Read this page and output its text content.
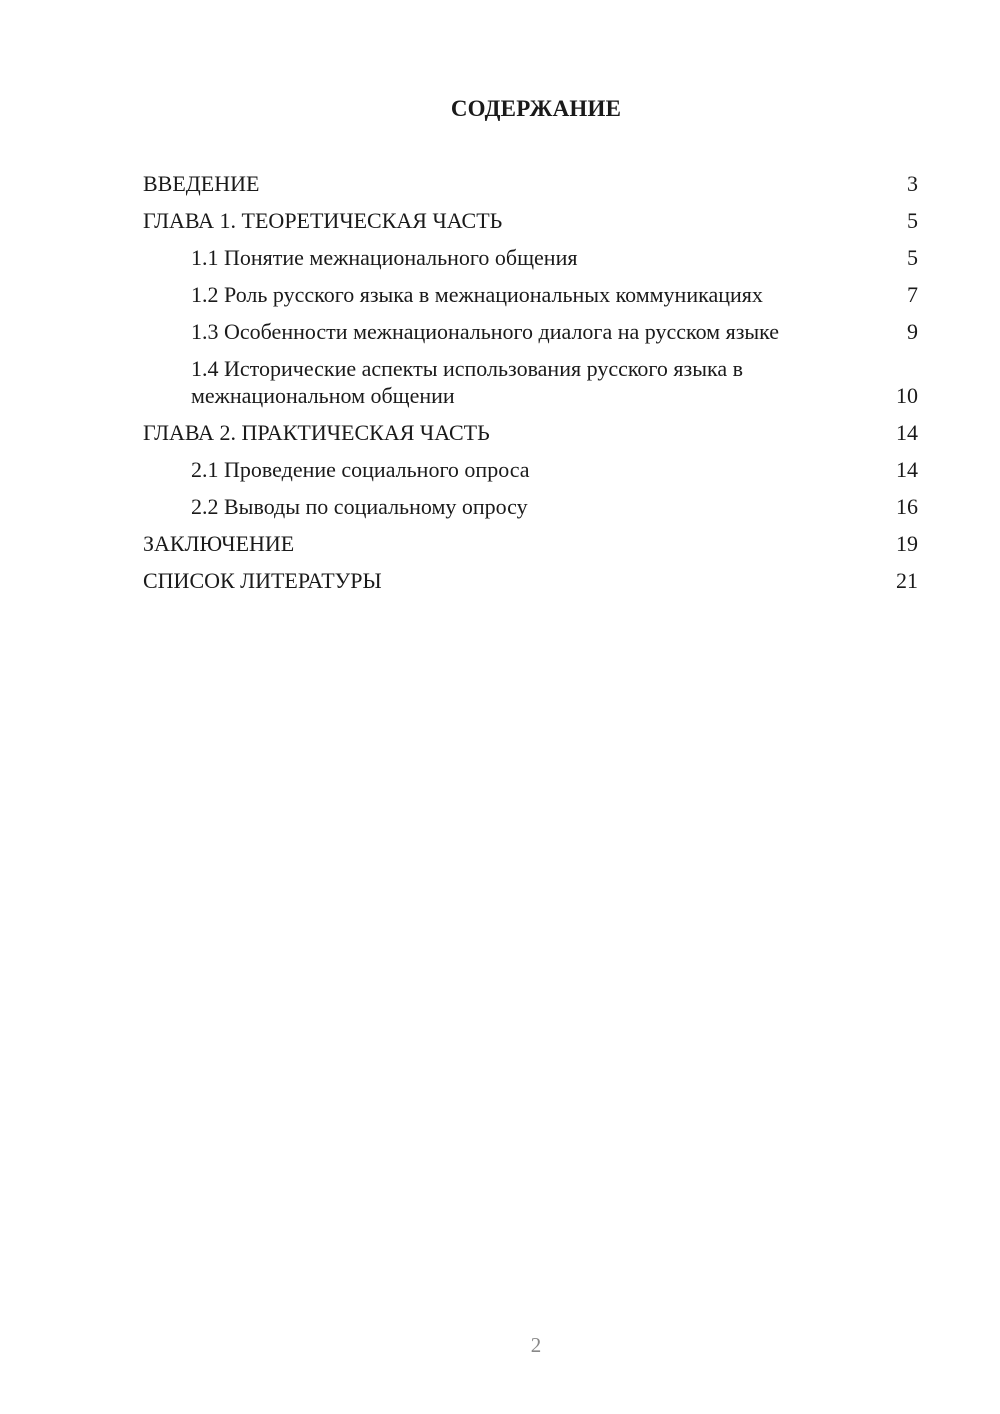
СОДЕРЖАНИЕ
ВВЕДЕНИЕ	3
ГЛАВА 1. ТЕОРЕТИЧЕСКАЯ ЧАСТЬ	5
1.1 Понятие межнационального общения	5
1.2 Роль русского языка в межнациональных коммуникациях	7
1.3 Особенности межнационального диалога на русском языке	9
1.4 Исторические аспекты использования русского языка в межнациональном общении	10
ГЛАВА 2. ПРАКТИЧЕСКАЯ ЧАСТЬ	14
2.1 Проведение социального опроса	14
2.2 Выводы по социальному опросу	16
ЗАКЛЮЧЕНИЕ	19
СПИСОК ЛИТЕРАТУРЫ	21
2
